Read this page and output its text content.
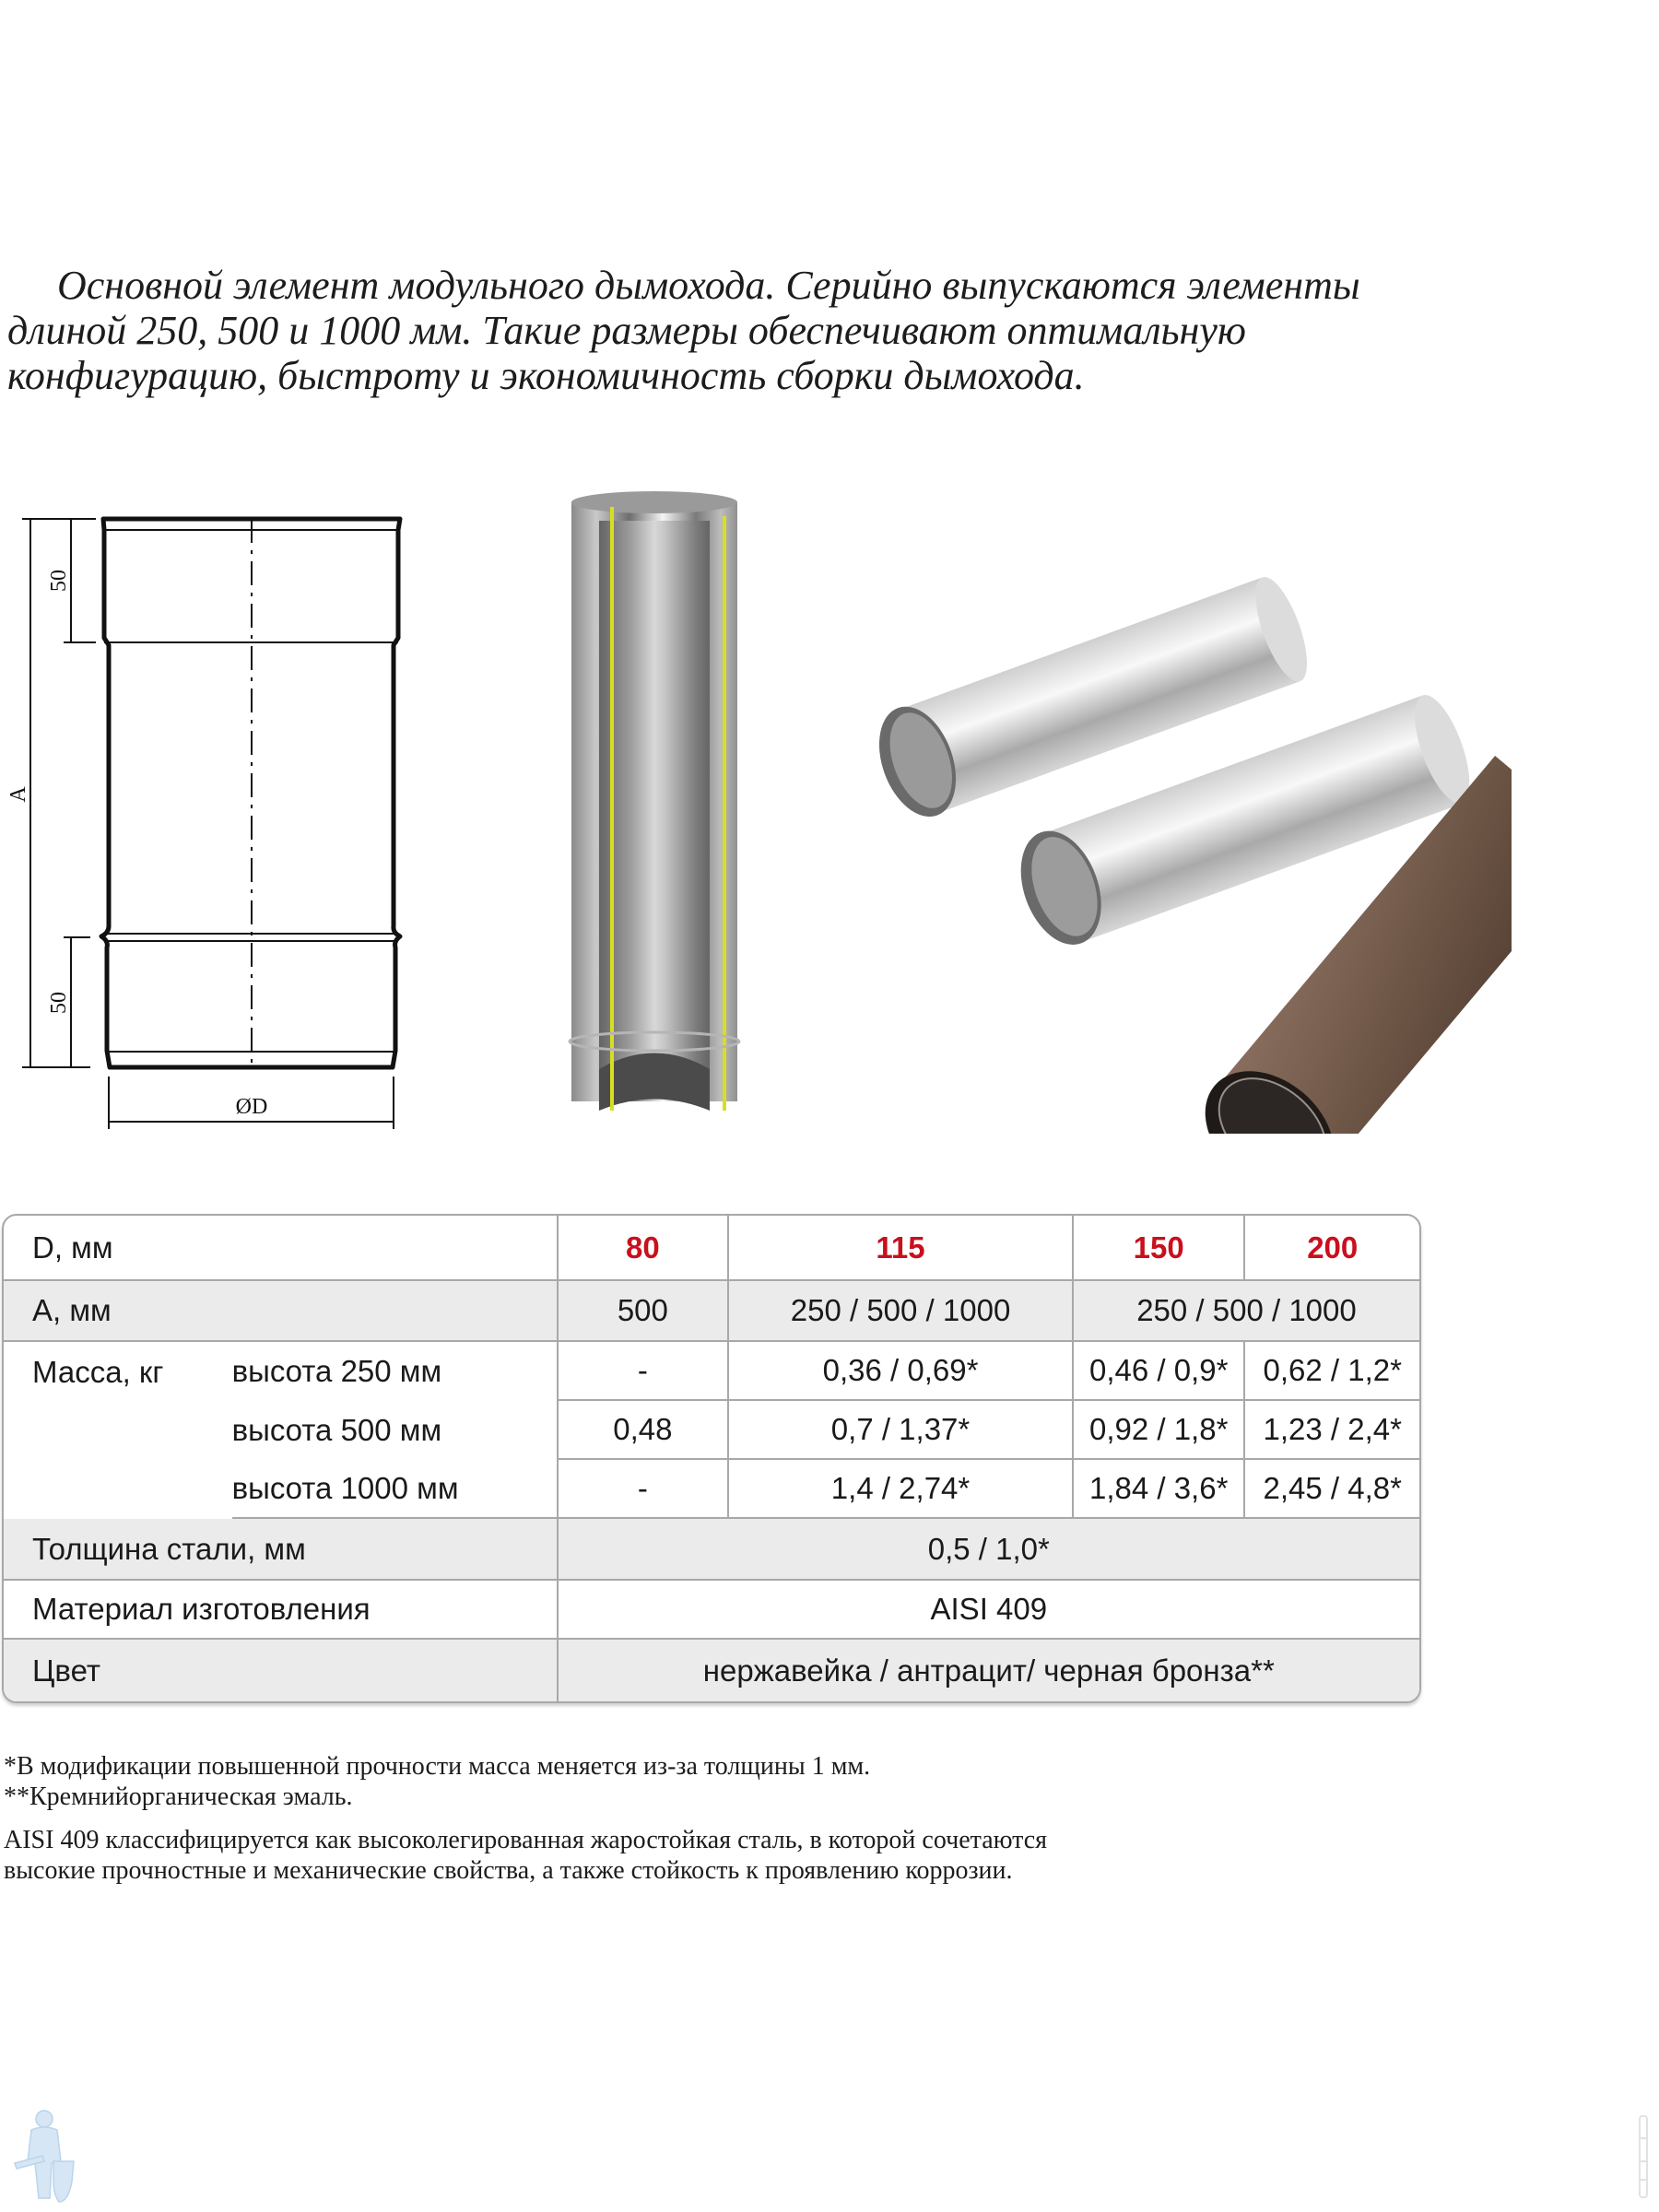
Основной элемент модульного дымохода. Серийно выпускаются элементы
длиной 250, 500 и 1000 мм. Такие размеры обеспечивают оптимальную
конфигурацию, быстроту и экономичность сборки дымохода.
50
50
A
ØD
D, мм		80	115	150	200
A, мм		500	250 / 500 / 1000	250 / 500 / 1000	
Масса, кг	высота 250 мм	-	0,36 / 0,69*	0,46 / 0,9*	0,62 / 1,2*
	высота 500 мм	0,48	0,7 / 1,37*	0,92 / 1,8*	1,23 / 2,4*
	высота 1000 мм	-	1,4 / 2,74*	1,84 / 3,6*	2,45 / 4,8*
Толщина стали, мм		0,5 / 1,0*			
Материал изготовления		AISI 409			
Цвет		нержавейка / антрацит/ черная бронза**			
*В модификации повышенной прочности масса меняется из-за толщины 1 мм.
**Кремнийорганическая эмаль.
AISI 409 классифицируется как высоколегированная жаростойкая сталь, в которой сочетаются
высокие прочностные и механические свойства, а также стойкость к проявлению коррозии.
